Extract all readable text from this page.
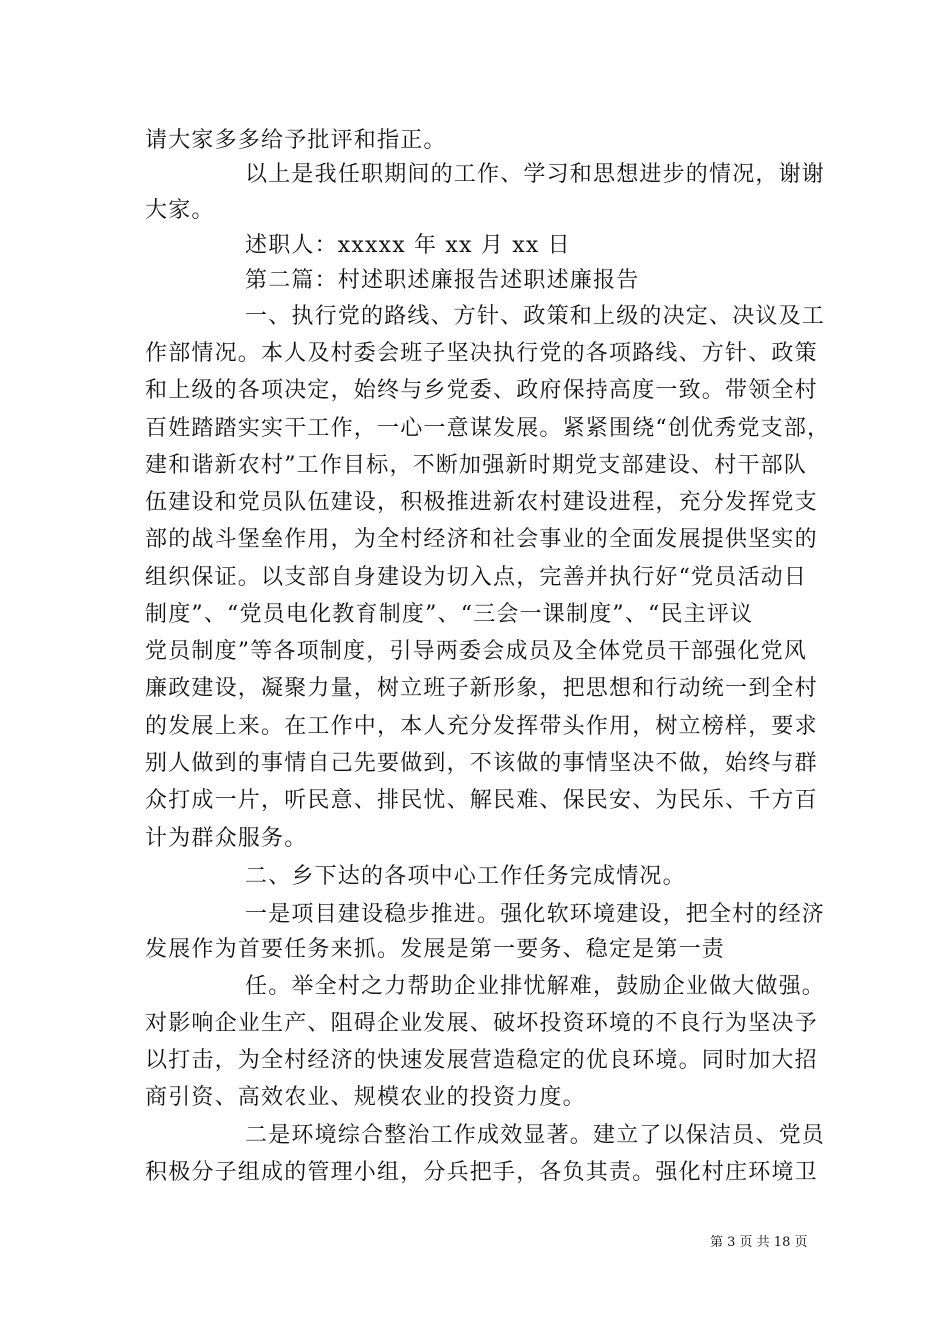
请大家多多给予批评和指正。
以上是我任职期间的工作、学习和思想进步的情况，谢谢
大家。
述职人：xxxxx 年 xx 月 xx 日
第二篇：村述职述廉报告述职述廉报告
一、执行党的路线、方针、政策和上级的决定、决议及工
作部情况。本人及村委会班子坚决执行党的各项路线、方针、政策
和上级的各项决定，始终与乡党委、政府保持高度一致。带领全村
百姓踏踏实实干工作，一心一意谋发展。紧紧围绕“创优秀党支部，
建和谐新农村”工作目标，不断加强新时期党支部建设、村干部队
伍建设和党员队伍建设，积极推进新农村建设进程，充分发挥党支
部的战斗堡垒作用，为全村经济和社会事业的全面发展提供坚实的
组织保证。以支部自身建设为切入点，完善并执行好“党员活动日
制度”、“党员电化教育制度”、“三会一课制度”、“民主评议
党员制度”等各项制度，引导两委会成员及全体党员干部强化党风
廉政建设，凝聚力量，树立班子新形象，把思想和行动统一到全村
的发展上来。在工作中，本人充分发挥带头作用，树立榜样，要求
别人做到的事情自己先要做到，不该做的事情坚决不做，始终与群
众打成一片，听民意、排民忧、解民难、保民安、为民乐、千方百
计为群众服务。
二、乡下达的各项中心工作任务完成情况。
一是项目建设稳步推进。强化软环境建设，把全村的经济
发展作为首要任务来抓。发展是第一要务、稳定是第一责
任。举全村之力帮助企业排忧解难，鼓励企业做大做强。
对影响企业生产、阻碍企业发展、破坏投资环境的不良行为坚决予
以打击，为全村经济的快速发展营造稳定的优良环境。同时加大招
商引资、高效农业、规模农业的投资力度。
二是环境综合整治工作成效显著。建立了以保洁员、党员
积极分子组成的管理小组，分兵把手，各负其责。强化村庄环境卫
第 3 页 共 18 页
